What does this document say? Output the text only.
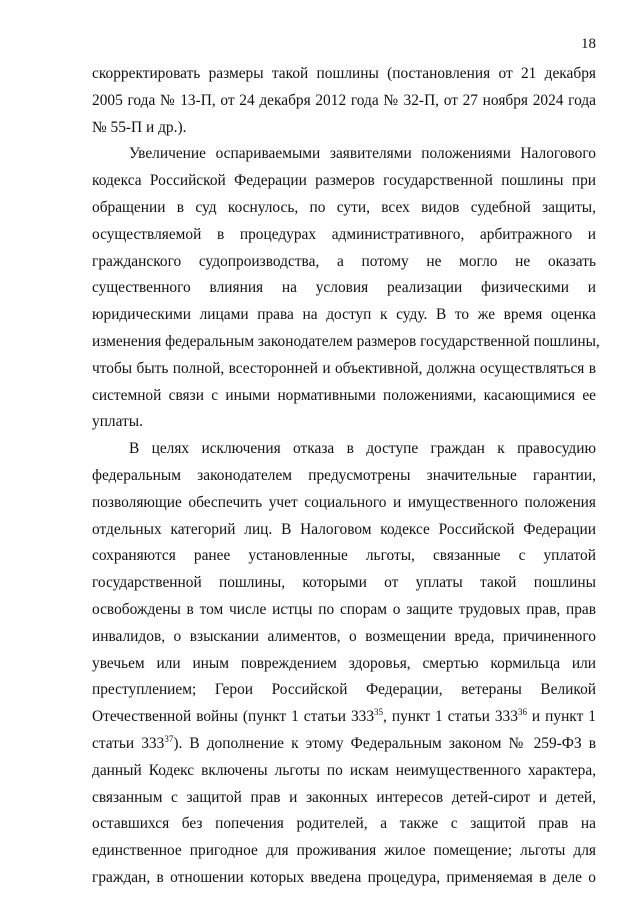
18
скорректировать размеры такой пошлины (постановления от 21 декабря
2005 года № 13-П, от 24 декабря 2012 года № 32-П, от 27 ноября 2024 года
№ 55-П и др.).
Увеличение оспариваемыми заявителями положениями Налогового
кодекса Российской Федерации размеров государственной пошлины при
обращении в суд коснулось, по сути, всех видов судебной защиты,
осуществляемой в процедурах административного, арбитражного и
гражданского судопроизводства, а потому не могло не оказать
существенного влияния на условия реализации физическими и
юридическими лицами права на доступ к суду. В то же время оценка
изменения федеральным законодателем размеров государственной пошлины,
чтобы быть полной, всесторонней и объективной, должна осуществляться в
системной связи с иными нормативными положениями, касающимися ее
уплаты.
В целях исключения отказа в доступе граждан к правосудию
федеральным законодателем предусмотрены значительные гарантии,
позволяющие обеспечить учет социального и имущественного положения
отдельных категорий лиц. В Налоговом кодексе Российской Федерации
сохраняются ранее установленные льготы, связанные с уплатой
государственной пошлины, которыми от уплаты такой пошлины
освобождены в том числе истцы по спорам о защите трудовых прав, прав
инвалидов, о взыскании алиментов, о возмещении вреда, причиненного
увечьем или иным повреждением здоровья, смертью кормильца или
преступлением; Герои Российской Федерации, ветераны Великой
Отечественной войны (пункт 1 статьи $333^{35}$, пункт 1 статьи $333^{36}$ и пункт 1
статьи $333^{37}$). В дополнение к этому Федеральным законом № 259-ФЗ в
данный Кодекс включены льготы по искам неимущественного характера,
связанным с защитой прав и законных интересов детей-сирот и детей,
оставшихся без попечения родителей, а также с защитой прав на
единственное пригодное для проживания жилое помещение; льготы для
граждан, в отношении которых введена процедура, применяемая в деле о
